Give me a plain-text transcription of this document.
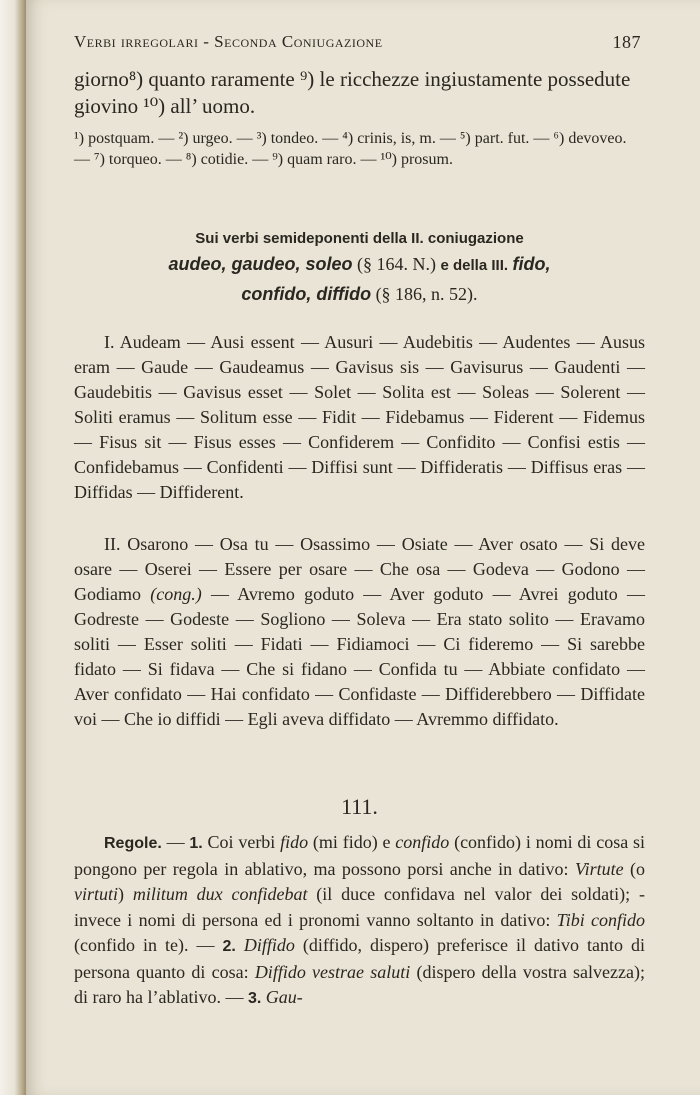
Verbi irregolari - Seconda Coniugazione	187
giorno⁸) quanto raramente ⁹) le ricchezze ingiustamente possedute giovino ¹⁰) all’ uomo.
¹) postquam. — ²) urgeo. — ³) tondeo. — ⁴) crinis, is, m. — ⁵) part. fut. — ⁶) devoveo. — ⁷) torqueo. — ⁸) cotidie. — ⁹) quam raro. — ¹⁰) prosum.
Sui verbi semideponenti della II. coniugazione
audeo, gaudeo, soleo (§ 164. N.) e della III. fido,
confido, diffido (§ 186, n. 52).
I. Audeam — Ausi essent — Ausuri — Audebitis — Audentes — Ausus eram — Gaude — Gaudeamus — Gavisus sis — Gavisurus — Gaudenti — Gaudebitis — Gavisus esset — Solet — Solita est — Soleas — Solerent — Soliti eramus — Solitum esse — Fidit — Fidebamus — Fiderent — Fidemus — Fisus sit — Fisus esses — Confiderem — Confidito — Confisi estis — Confidebamus — Confidenti — Diffisi sunt — Diffideratis — Diffisus eras — Diffidas — Diffiderent.
II. Osarono — Osa tu — Osassimo — Osiate — Aver osato — Si deve osare — Oserei — Essere per osare — Che osa — Godeva — Godono — Godiamo (cong.) — Avremo goduto — Aver goduto — Avrei goduto — Godreste — Godeste — Sogliono — Soleva — Era stato solito — Eravamo soliti — Esser soliti — Fidati — Fidiamoci — Ci fideremo — Si sarebbe fidato — Si fidava — Che si fidano — Confida tu — Abbiate confidato — Aver confidato — Hai confidato — Confidaste — Diffiderebbero — Diffidate voi — Che io diffidi — Egli aveva diffidato — Avremmo diffidato.
111.
Regole. — 1. Coi verbi fido (mi fido) e confido (confido) i nomi di cosa si pongono per regola in ablativo, ma possono porsi anche in dativo: Virtute (o virtuti) militum dux confidebat (il duce confidava nel valor dei soldati); - invece i nomi di persona ed i pronomi vanno soltanto in dativo: Tibi confido (confido in te). — 2. Diffido (diffido, dispero) preferisce il dativo tanto di persona quanto di cosa: Diffido vestrae saluti (dispero della vostra salvezza); di raro ha l’ablativo. — 3. Gau-
